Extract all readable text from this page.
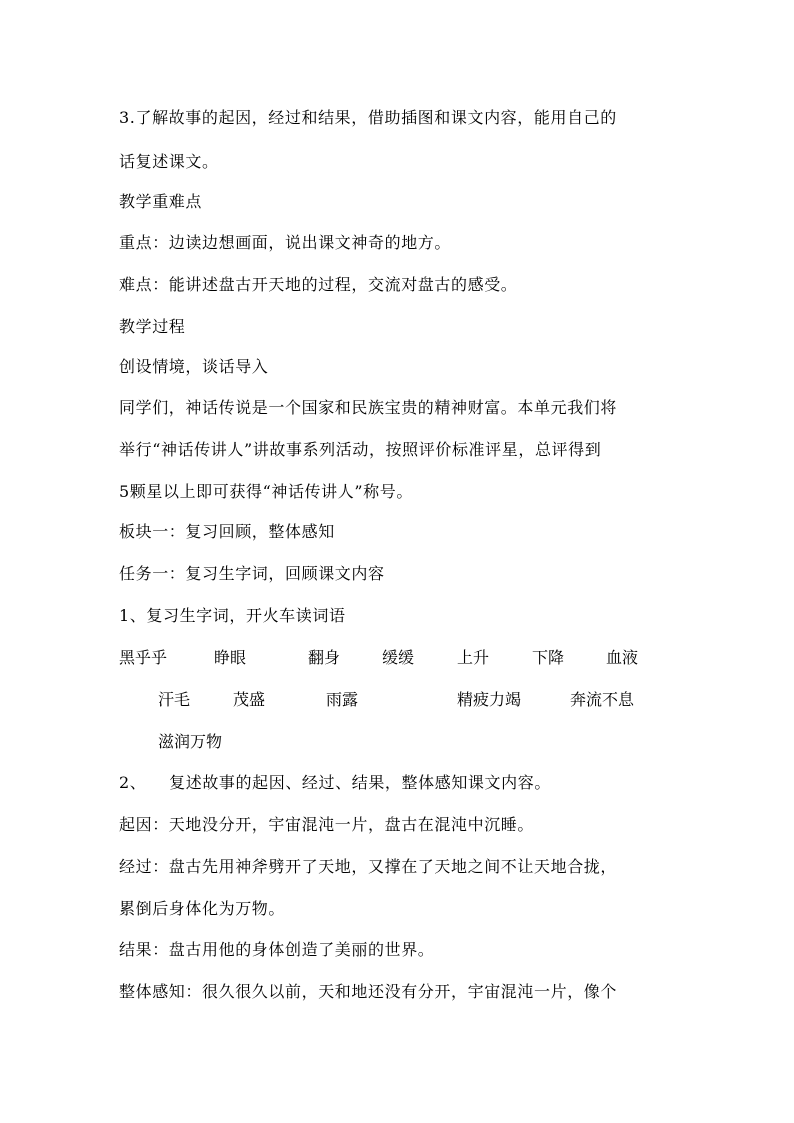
3.了解故事的起因，经过和结果，借助插图和课文内容，能用自己的
话复述课文。
教学重难点
重点：边读边想画面，说出课文神奇的地方。
难点：能讲述盘古开天地的过程，交流对盘古的感受。
教学过程
创设情境，谈话导入
同学们，神话传说是一个国家和民族宝贵的精神财富。本单元我们将
举行“神话传讲人”讲故事系列活动，按照评价标准评星，总评得到
5颗星以上即可获得“神话传讲人”称号。
板块一：复习回顾，整体感知
任务一：复习生字词，回顾课文内容
1、复习生字词，开火车读词语
黑乎乎	睁眼	翻身	缓缓	上升	下降	血液
汗毛	茂盛	雨露	精疲力竭	奔流不息
滋润万物
2、    复述故事的起因、经过、结果，整体感知课文内容。
起因：天地没分开，宇宙混沌一片，盘古在混沌中沉睡。
经过：盘古先用神斧劈开了天地，又撑在了天地之间不让天地合拢，
累倒后身体化为万物。
结果：盘古用他的身体创造了美丽的世界。
整体感知：很久很久以前，天和地还没有分开，宇宙混沌一片，像个
